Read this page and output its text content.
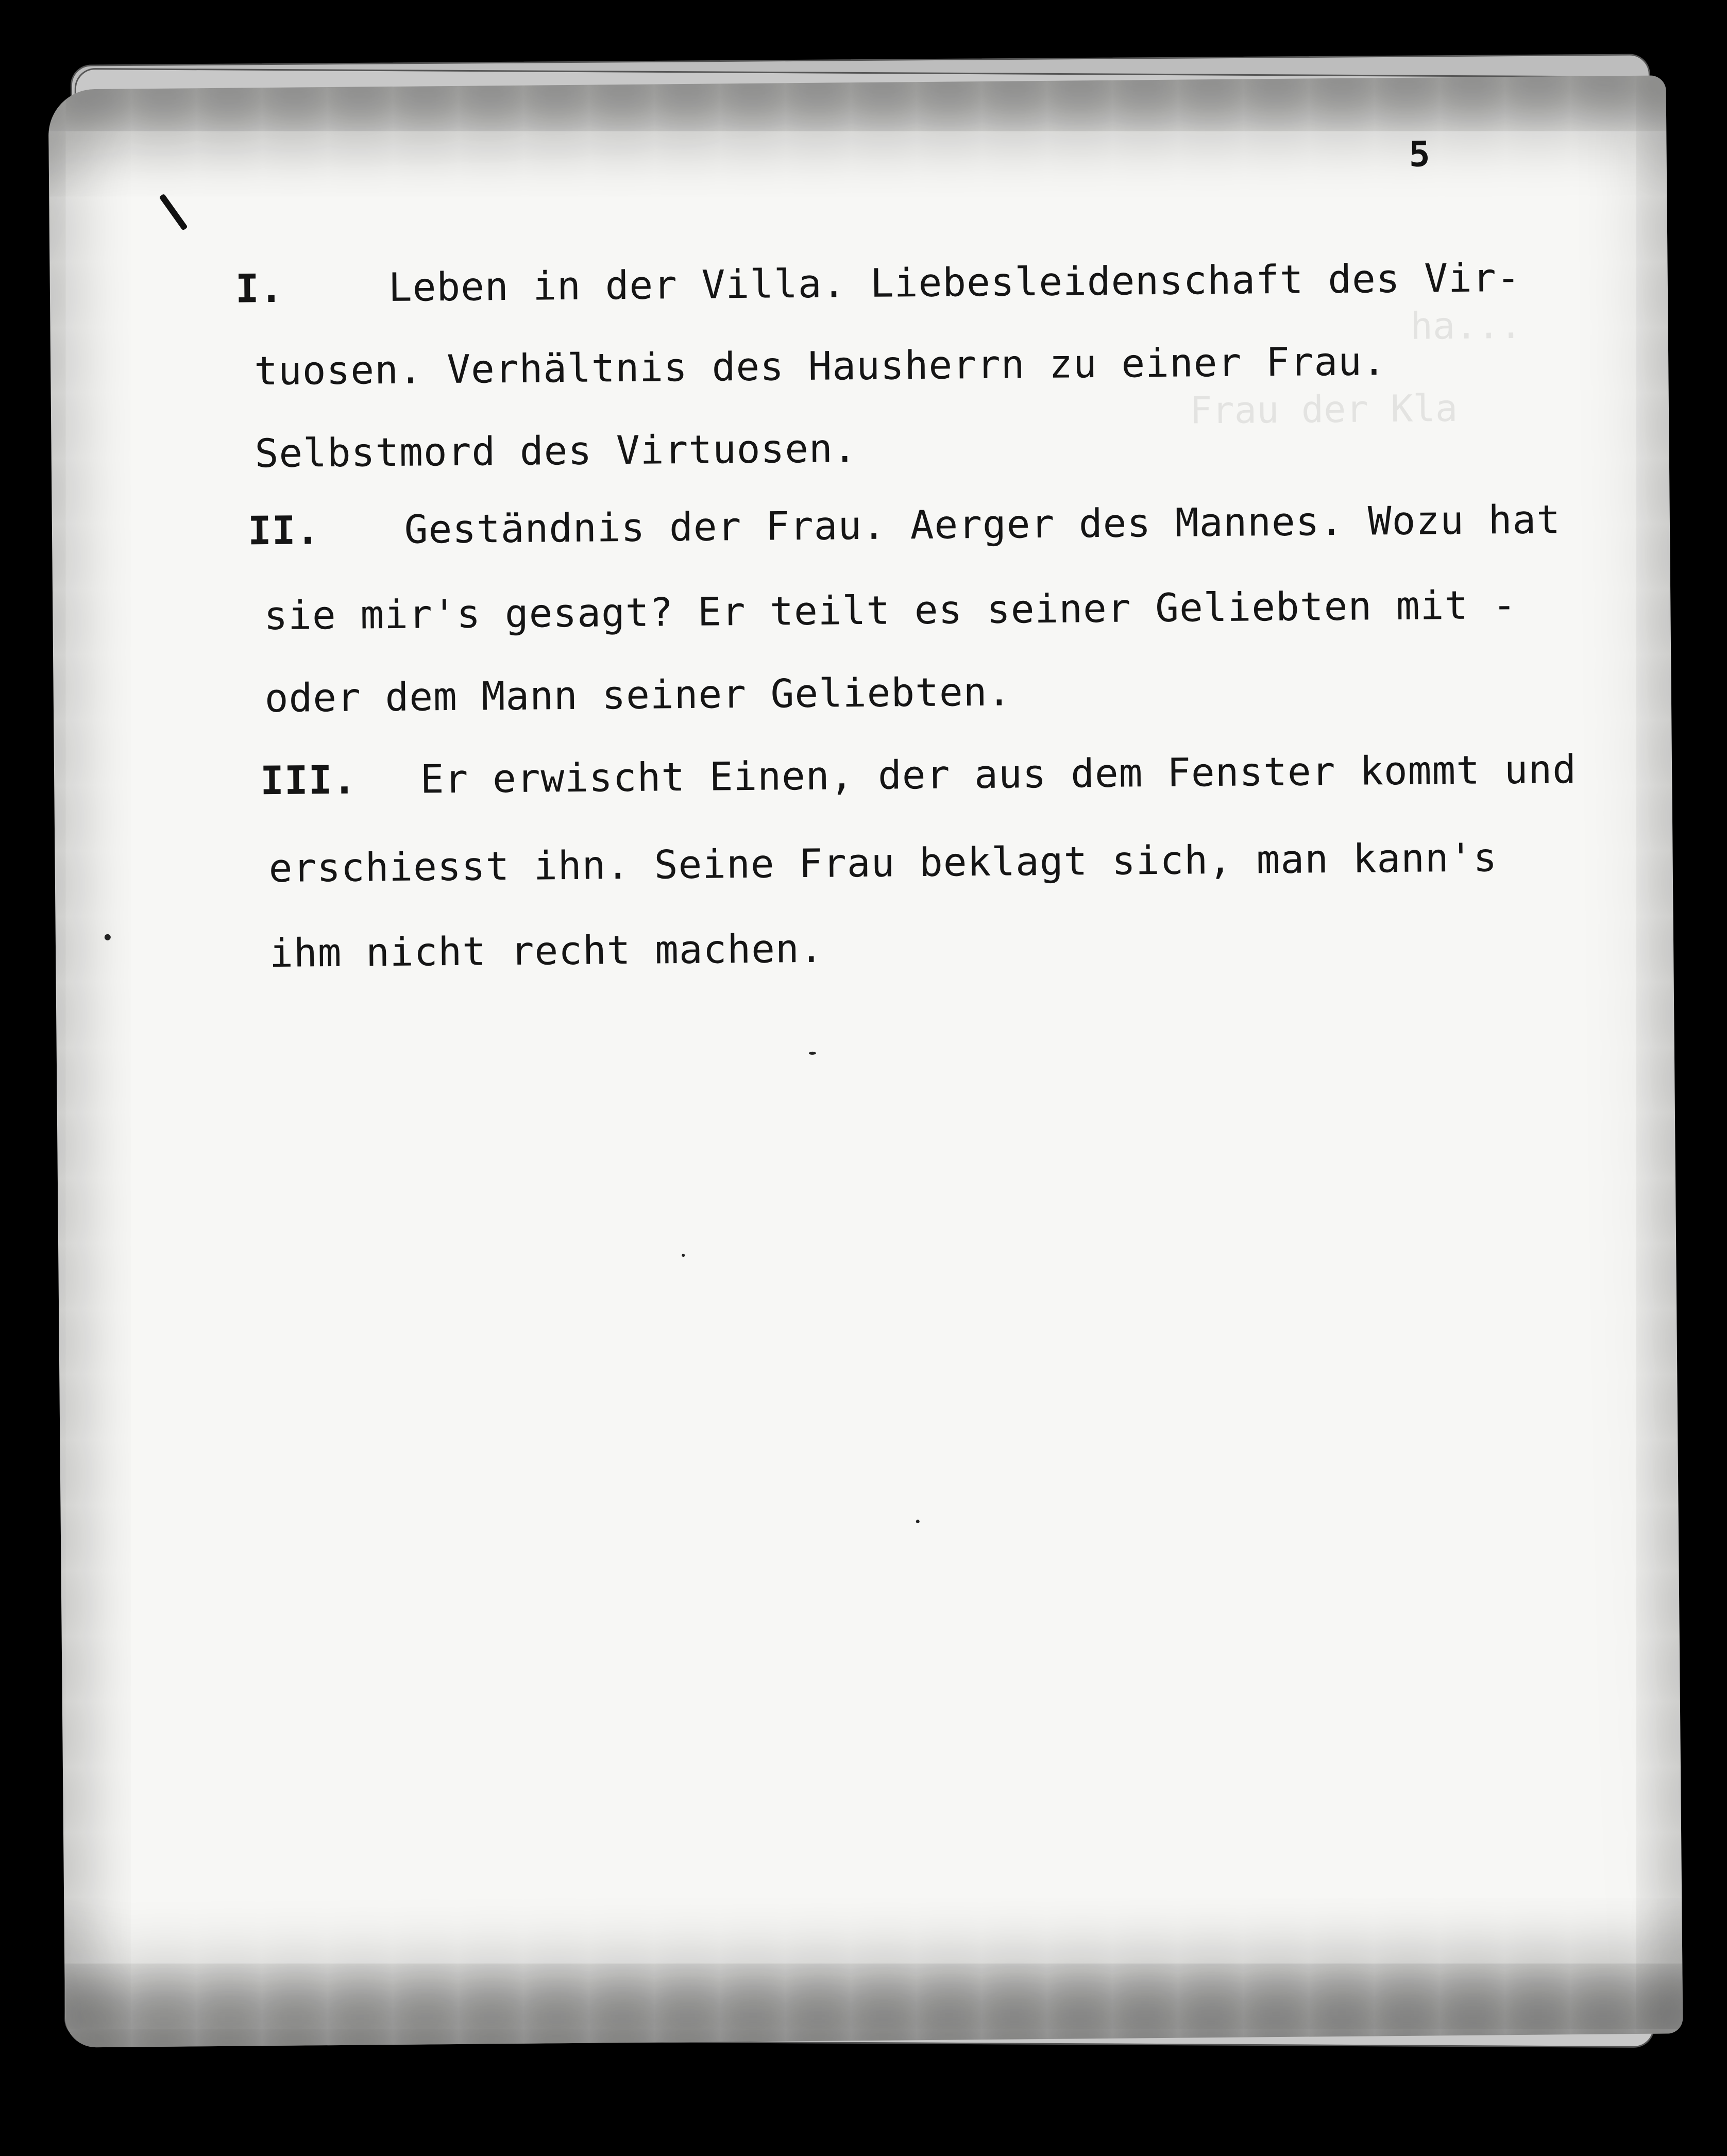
5
ha...
Frau der Kla
I.	Leben in der Villa. Liebesleidenschaft des Vir-
tuosen. Verhältnis des Hausherrn zu einer Frau.
Selbstmord des Virtuosen.
II. Geständnis der Frau. Aerger des Mannes. Wozu hat
sie mir's gesagt? Er teilt es seiner Geliebten mit -
oder dem Mann seiner Geliebten.
III. Er erwischt Einen, der aus dem Fenster kommt und
erschiesst ihn. Seine Frau beklagt sich, man kann's
ihm nicht recht machen.
